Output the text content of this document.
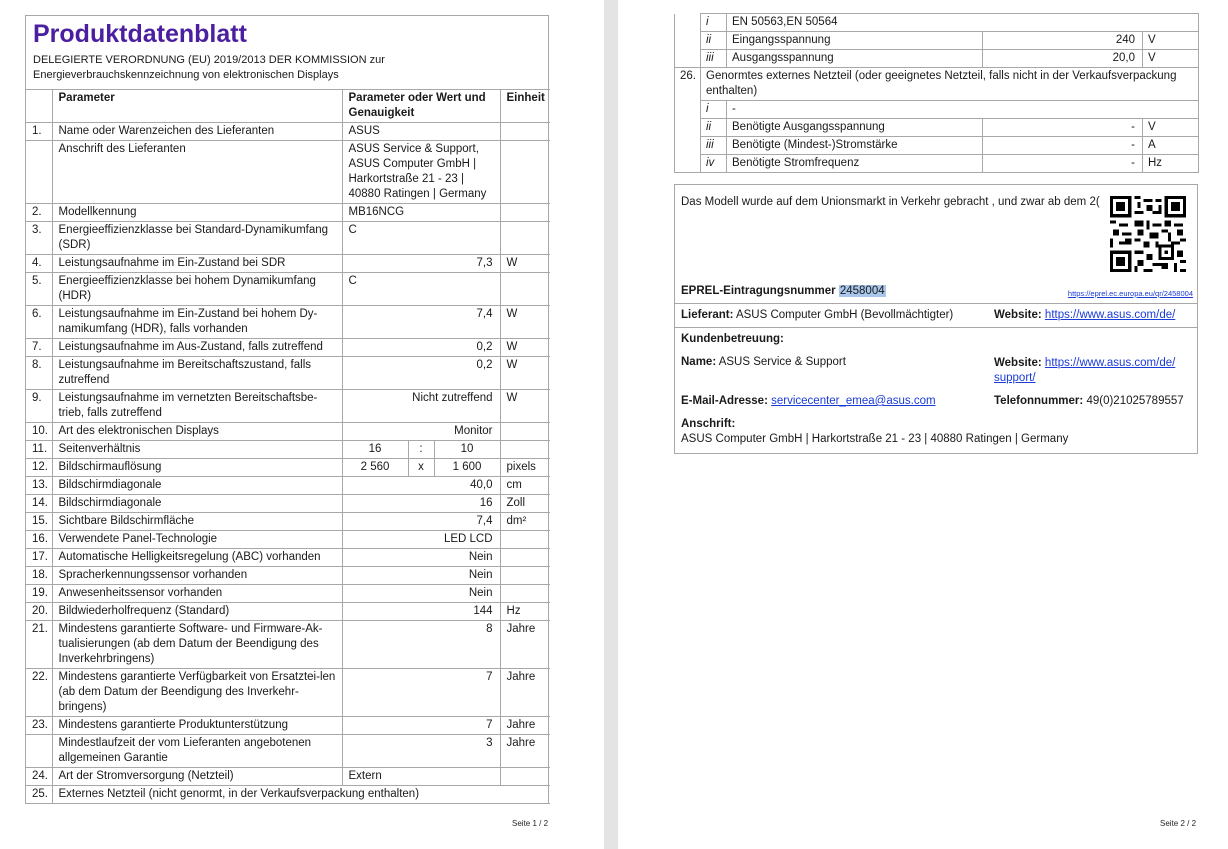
Produktdatenblatt
DELEGIERTE VERORDNUNG (EU) 2019/2013 DER KOMMISSION zur Energieverbrauchskennzeichnung von elektronischen Displays
	Parameter	Parameter oder Wert und Genauigkeit			Einheit
1.	Name oder Warenzeichen des Lieferanten	ASUS			
	Anschrift des Lieferanten	ASUS Service & Support, ASUS Computer GmbH | Harkortstraße 21 - 23 | 40880 Ratingen | Germany			
2.	Modellkennung	MB16NCG			
3.	Energieeffizienzklasse bei Standard-Dynamikumfang (SDR)	C			
4.	Leistungsaufnahme im Ein-Zustand bei SDR	7,3			W
5.	Energieeffizienzklasse bei hohem Dynamikumfang (HDR)	C			
6.	Leistungsaufnahme im Ein-Zustand bei hohem Dy-namikumfang (HDR), falls vorhanden	7,4			W
7.	Leistungsaufnahme im Aus-Zustand, falls zutreffend	0,2			W
8.	Leistungsaufnahme im Bereitschaftszustand, falls zutreffend	0,2			W
9.	Leistungsaufnahme im vernetzten Bereitschaftsbe-trieb, falls zutreffend	Nicht zutreffend			W
10.	Art des elektronischen Displays	Monitor			
11.	Seitenverhältnis	16	:	10	
12.	Bildschirmauflösung	2 560	x	1 600	pixels
13.	Bildschirmdiagonale	40,0			cm
14.	Bildschirmdiagonale	16			Zoll
15.	Sichtbare Bildschirmfläche	7,4			dm²
16.	Verwendete Panel-Technologie	LED LCD			
17.	Automatische Helligkeitsregelung (ABC) vorhanden	Nein			
18.	Spracherkennungssensor vorhanden	Nein			
19.	Anwesenheitssensor vorhanden	Nein			
20.	Bildwiederholfrequenz (Standard)	144			Hz
21.	Mindestens garantierte Software- und Firmware-Ak-tualisierungen (ab dem Datum der Beendigung des Inverkehrbringens)	8			Jahre
22.	Mindestens garantierte Verfügbarkeit von Ersatztei-len (ab dem Datum der Beendigung des Inverkehr-bringens)	7			Jahre
23.	Mindestens garantierte Produktunterstützung	7			Jahre
	Mindestlaufzeit der vom Lieferanten angebotenen allgemeinen Garantie	3			Jahre
24.	Art der Stromversorgung (Netzteil)	Extern			
25.	Externes Netzteil (nicht genormt, in der Verkaufsverpackung enthalten)				
Seite 1 / 2
	i	EN 50563,EN 50564		
	ii	Eingangsspannung	240	V
	iii	Ausgangsspannung	20,0	V
26.	Genormtes externes Netzteil (oder geeignetes Netzteil, falls nicht in der Verkaufsverpackung enthalten)			
	i	-		
	ii	Benötigte Ausgangsspannung	-	V
	iii	Benötigte (Mindest-)Stromstärke	-	A
	iv	Benötigte Stromfrequenz	-	Hz
Das Modell wurde auf dem Unionsmarkt in Verkehr gebracht , und zwar ab dem 2(
EPREL-Eintragungsnummer 2458004	https://eprel.ec.europa.eu/qr/2458004
Lieferant: ASUS Computer GmbH (Bevollmächtigter)	Website: https://www.asus.com/de/
Kundenbetreuung:
Name: ASUS Service & Support	Website: https://www.asus.com/de/
support/
E-Mail-Adresse: servicecenter_emea@asus.com	Telefonnummer: 49(0)21025789557
Anschrift:
ASUS Computer GmbH | Harkortstraße 21 - 23 | 40880 Ratingen | Germany
Seite 2 / 2
